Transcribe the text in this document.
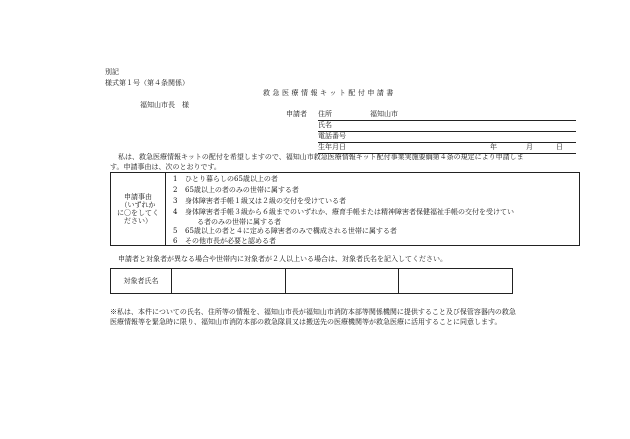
別記
様式第１号（第４条関係）
救急医療情報キット配付申請書
福知山市長　様
申請者 住所	福知山市
氏名
電話番号
生年月日	年	月	日
私は、救急医療情報キットの配付を希望しますので、福知山市救急医療情報キット配付事業実施要綱第４条の規定により申請しま
す。申請事由は、次のとおりです。
申請事由
（いずれか
に〇をしてく
ださい）
1 ひとり暮らしの65歳以上の者
2 65歳以上の者のみの世帯に属する者
3 身体障害者手帳１級又は２級の交付を受けている者
4 身体障害者手帳３級から６級までのいずれか、療育手帳または精神障害者保健福祉手帳の交付を受けてい
る者のみの世帯に属する者
5 65歳以上の者と４に定める障害者のみで構成される世帯に属する者
6 その他市長が必要と認める者
申請者と対象者が異なる場合や世帯内に対象者が２人以上いる場合は、対象者氏名を記入してください。
対象者氏名
※私は、本件についての氏名、住所等の情報を、福知山市長が福知山市消防本部等関係機関に提供すること及び保管容器内の救急
医療情報等を緊急時に限り、福知山市消防本部の救急隊員又は搬送先の医療機関等が救急医療に活用することに同意します。
